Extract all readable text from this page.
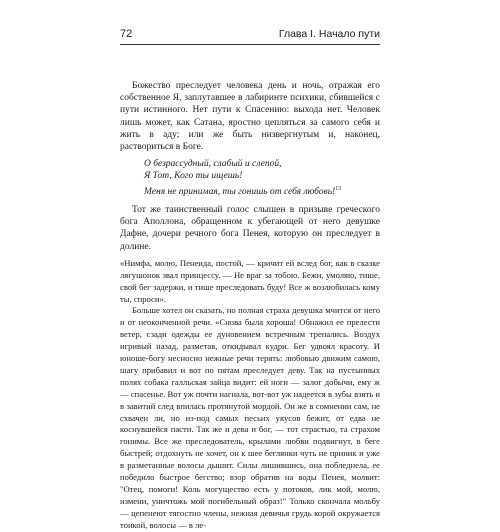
72	Глава I. Начало пути

Божество преследует человека день и ночь, отражая его собственное Я, заплутавшее в лабиринте психики, сбившейся с пути истинного. Нет пути к Спасению: выхода нет. Человек лишь может, как Сатана, яростно цепляться за самого себя и жить в аду; или же быть низвергнутым и, наконец, раствориться в Боге.

О безрассудный, слабый и слепой,
Я Тот, Кого ты ищешь!
Меня не принимая, ты гонишь от себя любовь!$^{13}$

Тот же таинственный голос слышен в призыве греческого бога Аполлона, обращенном к убегающей от него девушке Дафне, дочери речного бога Пенея, которую он преследует в долине.

«Нимфа, молю, Пенеида, постой, — кричит ей вслед бог, как в сказке лягушонок звал принцессу. — Не враг за тобою. Бежи, умоляю, тише, свой бег задержи, и тише преследовать буду! Все ж возлюбилась кому ты, спроси».

Больше хотел он сказать, но полная страха девушка мчится от него и от неоконченной речи. «Снова была хороша! Обнажил ее прелести ветер, сзади одежды ее дуновением встречным трепались. Воздух игривый назад, разметав, откидывал кудри. Бег удвоял красоту. И юноше-богу несносно нежные речи терять: любовью движим самою, шагу прибавил и вот по пятам преследует деву. Так на пустынных полях собака галльская зайца видит: ей ноги — залог добычи, ему ж — спасенье. Вот уж почти нагнала, вот-вот уж надеется в зубы взять и в завитий след впилась протянутой мордой. Он же в сомнении сам, не схвачен ли, но из-под самых песьих укусов бежит, от едва не коснувшейся пасти. Так же и дева и бог, — тот страстью, та страхом гонимы. Все же преследователь, крылами любви подвигнут, в беге быстрей; отдохнуть не хочет, он к шее беглянки чуть не приник и уже в разметанные волосы дышит. Силы лишившись, она побледнела, ее победило быстрое бегство; взор обратив на воды Пенея, молвит: "Отец, помоги! Коль могущество есть у потоков, лик мой, молю, измени, уничтожь мой погибельный образ!" Только скончала мольбу — цепенеют тягостно члены, нежная девичья грудь корой окружается тонкой, волосы — в ле-
